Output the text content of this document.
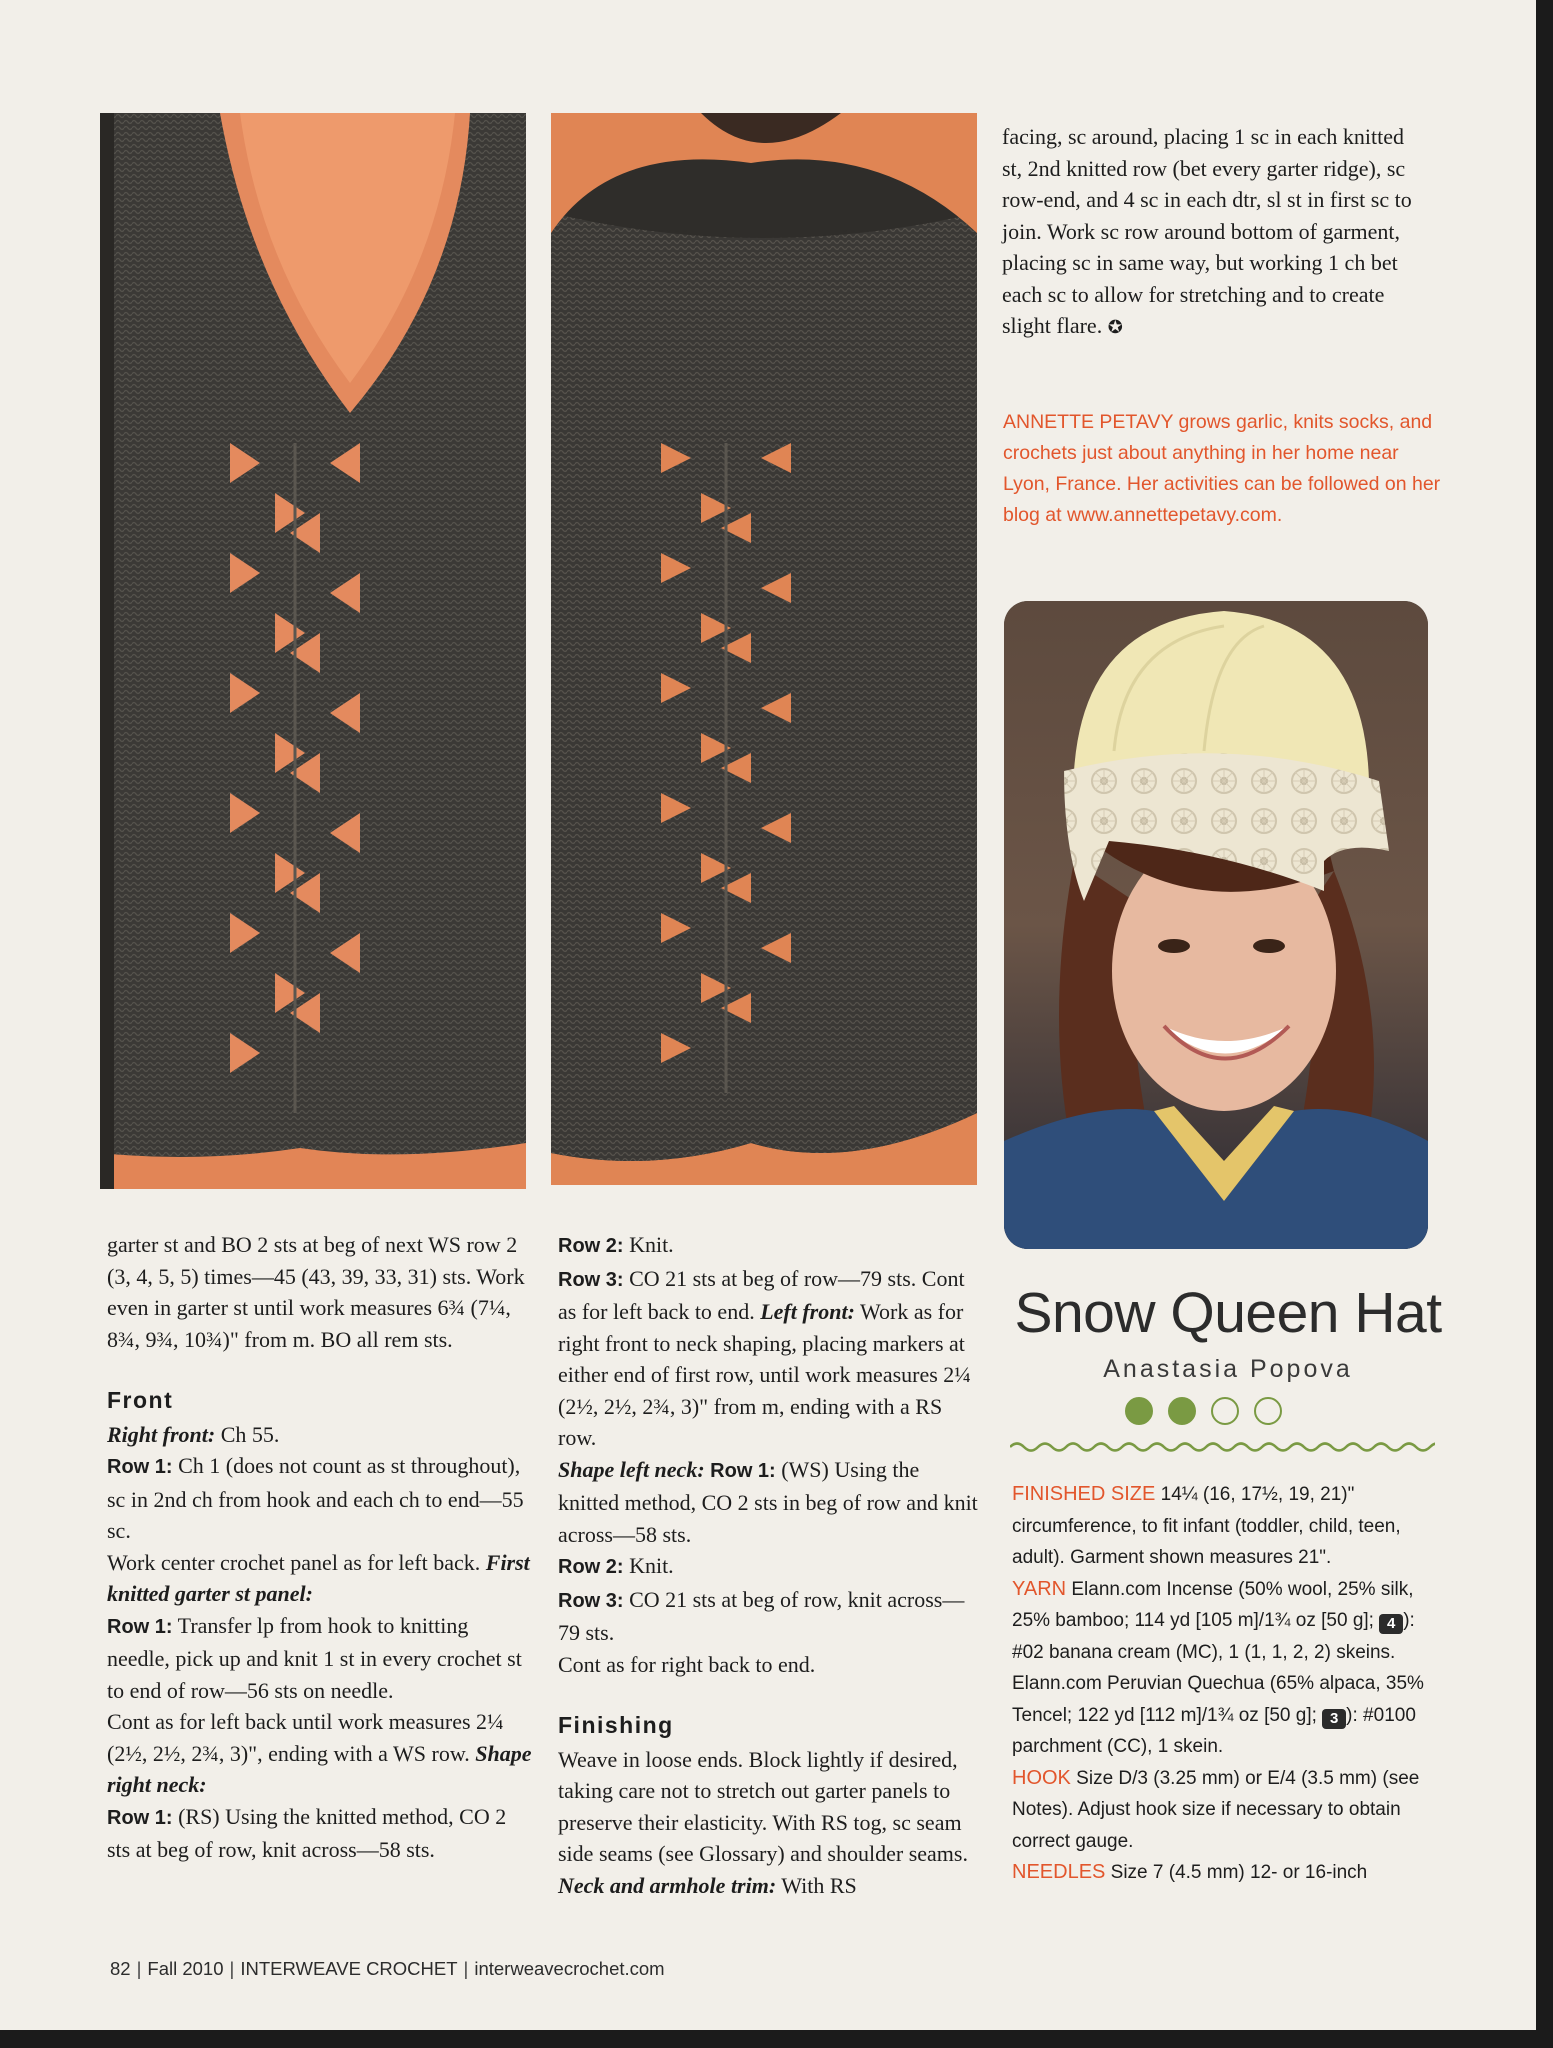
facing, sc around, placing 1 sc in each knitted st, 2nd knitted row (bet every garter ridge), sc row-end, and 4 sc in each dtr, sl st in first sc to join. Work sc row around bottom of garment, placing sc in same way, but working 1 ch bet each sc to allow for stretching and to create slight flare. ✪

ANNETTE PETAVY grows garlic, knits socks, and crochets just about anything in her home near Lyon, France. Her activities can be followed on her blog at www.annettepetavy.com.

garter st and BO 2 sts at beg of next WS row 2 (3, 4, 5, 5) times—45 (43, 39, 33, 31) sts. Work even in garter st until work measures 6¾ (7¼, 8¾, 9¾, 10¾)" from m. BO all rem sts.

Front

Right front: Ch 55.

Row 1: Ch 1 (does not count as st throughout), sc in 2nd ch from hook and each ch to end—55 sc.

Work center crochet panel as for left back. First knitted garter st panel:

Row 1: Transfer lp from hook to knitting needle, pick up and knit 1 st in every crochet st to end of row—56 sts on needle.

Cont as for left back until work measures 2¼ (2½, 2½, 2¾, 3)", ending with a WS row. Shape right neck:

Row 1: (RS) Using the knitted method, CO 2 sts at beg of row, knit across—58 sts.

Row 2: Knit.

Row 3: CO 21 sts at beg of row—79 sts. Cont as for left back to end. Left front: Work as for right front to neck shaping, placing markers at either end of first row, until work measures 2¼ (2½, 2½, 2¾, 3)" from m, ending with a RS row.

Shape left neck: Row 1: (WS) Using the knitted method, CO 2 sts in beg of row and knit across—58 sts.

Row 2: Knit.

Row 3: CO 21 sts at beg of row, knit across—79 sts.

Cont as for right back to end.

Finishing

Weave in loose ends. Block lightly if desired, taking care not to stretch out garter panels to preserve their elasticity. With RS tog, sc seam side seams (see Glossary) and shoulder seams.

Neck and armhole trim: With RS

Snow Queen Hat
Anastasia Popova
FINISHED SIZE 14¼ (16, 17½, 19, 21)" circumference, to fit infant (toddler, child, teen, adult). Garment shown measures 21".
YARN Elann.com Incense (50% wool, 25% silk, 25% bamboo; 114 yd [105 m]/1¾ oz [50 g]; 4 ): #02 banana cream (MC), 1 (1, 1, 2, 2) skeins.
Elann.com Peruvian Quechua (65% alpaca, 35% Tencel; 122 yd [112 m]/1¾ oz [50 g]; 3 ): #0100 parchment (CC), 1 skein.
HOOK Size D/3 (3.25 mm) or E/4 (3.5 mm) (see Notes). Adjust hook size if necessary to obtain correct gauge.
NEEDLES Size 7 (4.5 mm) 12- or 16-inch
82 | Fall 2010 | INTERWEAVE CROCHET | interweavecrochet.com
